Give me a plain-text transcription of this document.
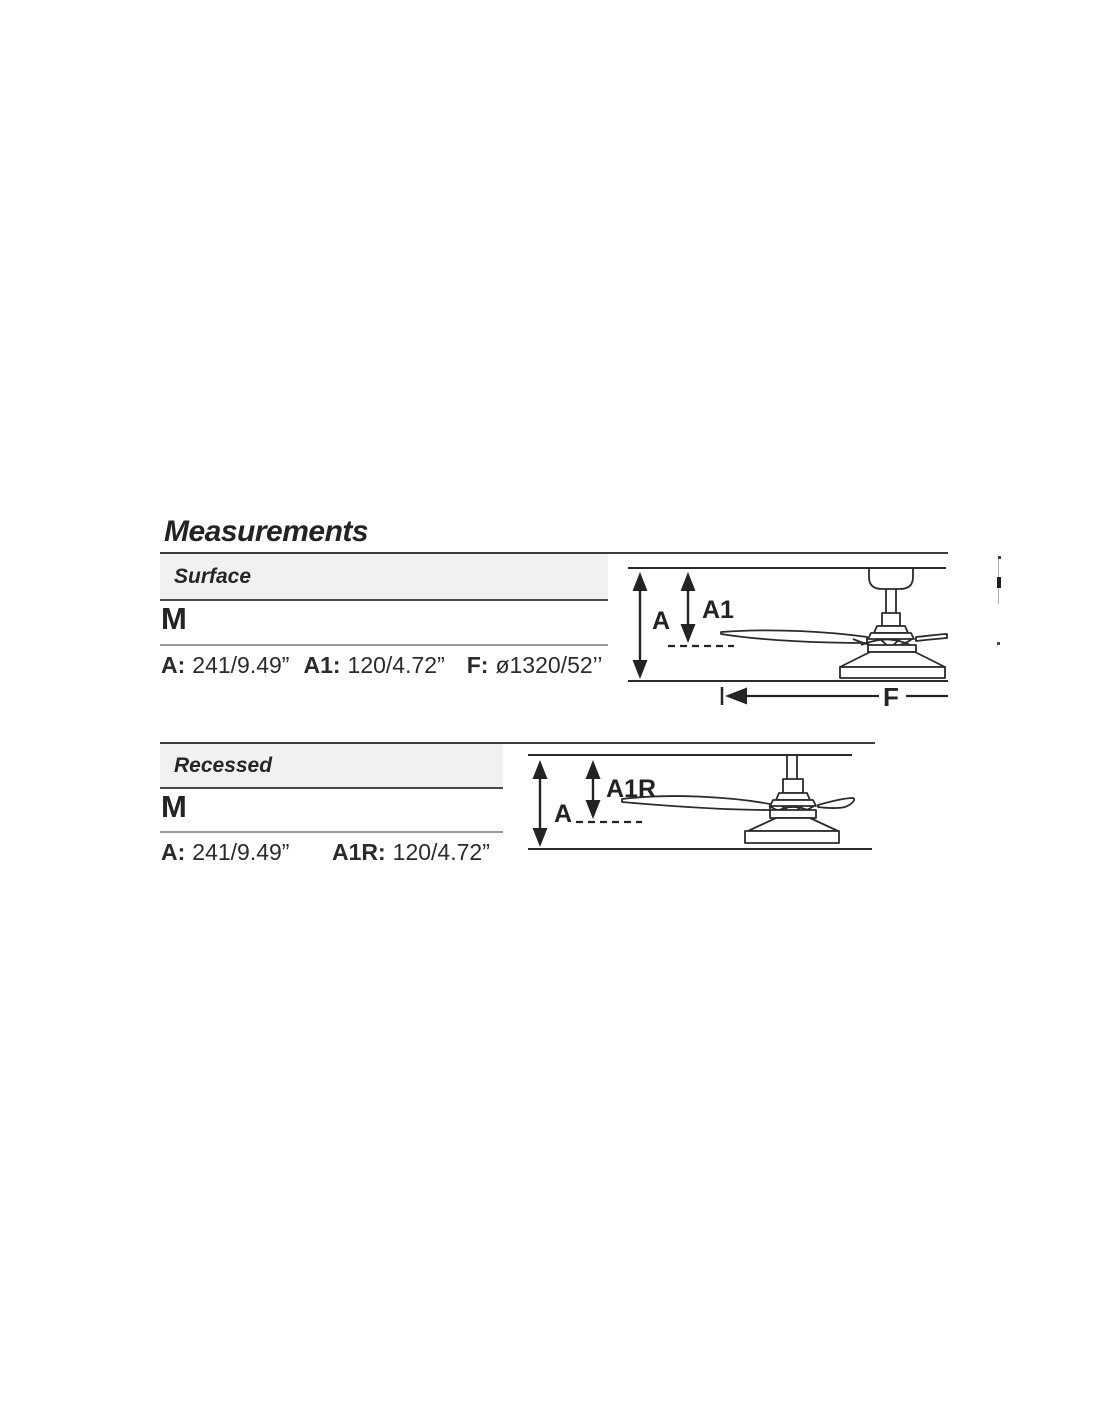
Measurements
Surface
M
A: 241/9.49” A1: 120/4.72” F: ø1320/52’’
A A1
F
Recessed
M
A: 241/9.49” A1R: 120/4.72”
A
A1R
